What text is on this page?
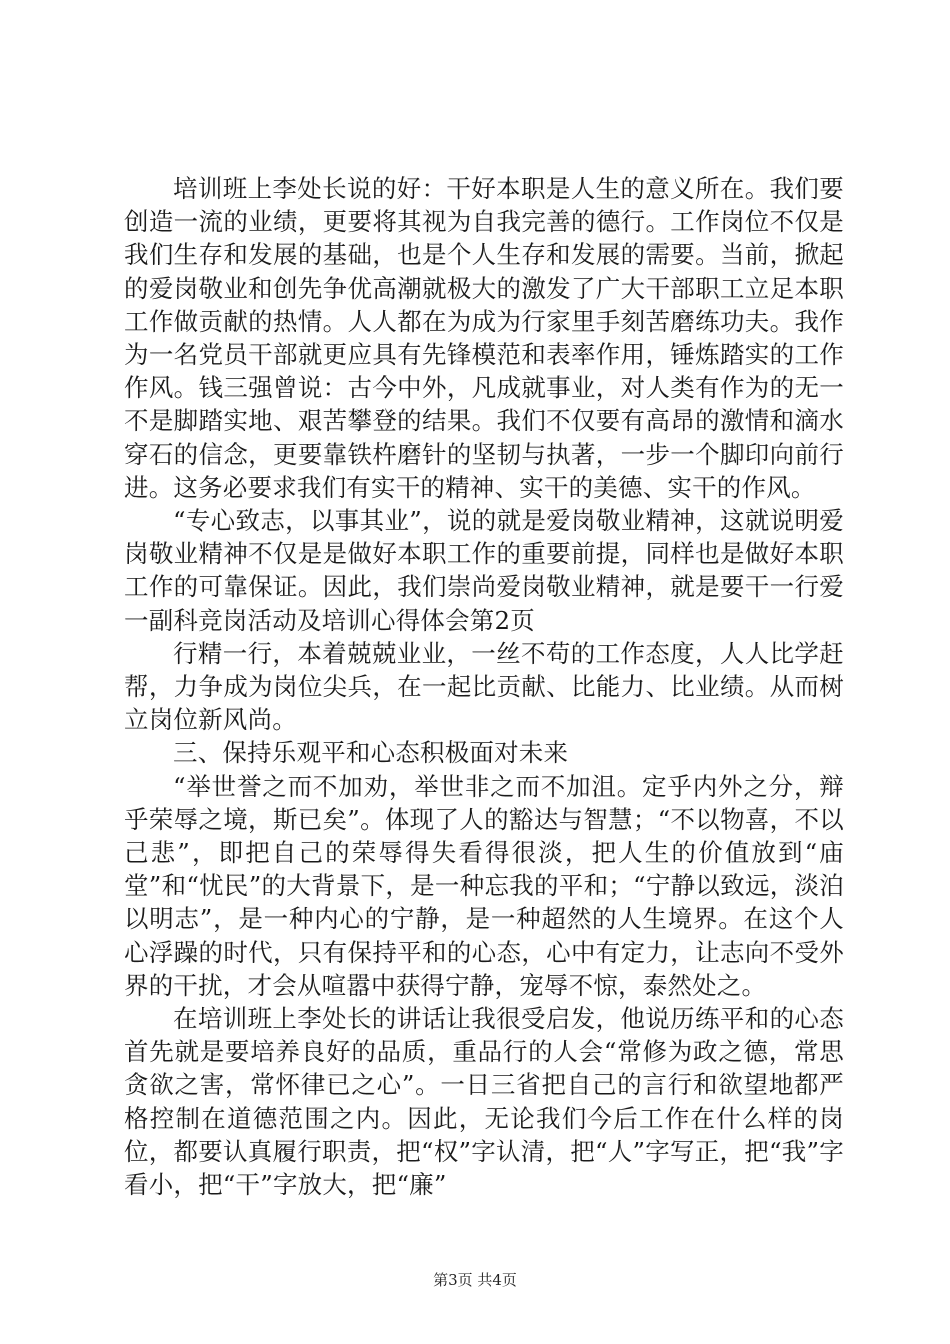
培训班上李处长说的好：干好本职是人生的意义所在。我们要创造一流的业绩，更要将其视为自我完善的德行。工作岗位不仅是我们生存和发展的基础，也是个人生存和发展的需要。当前，掀起的爱岗敬业和创先争优高潮就极大的激发了广大干部职工立足本职工作做贡献的热情。人人都在为成为行家里手刻苦磨练功夫。我作为一名党员干部就更应具有先锋模范和表率作用，锤炼踏实的工作作风。钱三强曾说：古今中外，凡成就事业，对人类有作为的无一不是脚踏实地、艰苦攀登的结果。我们不仅要有高昂的激情和滴水穿石的信念，更要靠铁杵磨针的坚韧与执著，一步一个脚印向前行进。这务必要求我们有实干的精神、实干的美德、实干的作风。

“专心致志，以事其业”，说的就是爱岗敬业精神，这就说明爱岗敬业精神不仅是是做好本职工作的重要前提，同样也是做好本职工作的可靠保证。因此，我们崇尚爱岗敬业精神，就是要干一行爱一副科竞岗活动及培训心得体会第2页

行精一行，本着兢兢业业，一丝不苟的工作态度，人人比学赶帮，力争成为岗位尖兵，在一起比贡献、比能力、比业绩。从而树立岗位新风尚。

三、保持乐观平和心态积极面对未来

“举世誉之而不加劝，举世非之而不加沮。定乎内外之分，辩乎荣辱之境，斯已矣”。体现了人的豁达与智慧；“不以物喜，不以己悲”，即把自己的荣辱得失看得很淡，把人生的价值放到“庙堂”和“忧民”的大背景下，是一种忘我的平和；“宁静以致远，淡泊以明志”，是一种内心的宁静，是一种超然的人生境界。在这个人心浮躁的时代，只有保持平和的心态，心中有定力，让志向不受外界的干扰，才会从喧嚣中获得宁静，宠辱不惊，泰然处之。

在培训班上李处长的讲话让我很受启发，他说历练平和的心态首先就是要培养良好的品质，重品行的人会“常修为政之德，常思贪欲之害，常怀律已之心”。一日三省把自己的言行和欲望地都严格控制在道德范围之内。因此，无论我们今后工作在什么样的岗位，都要认真履行职责，把“权”字认清，把“人”字写正，把“我”字看小，把“干”字放大，把“廉”

第3页 共4页
